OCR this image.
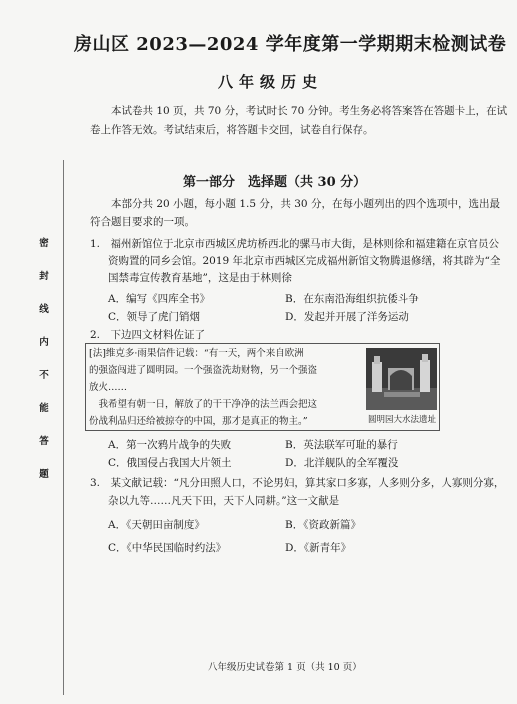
房山区 2023—2024 学年度第一学期期末检测试卷
八年级历史
本试卷共 10 页，共 70 分，考试时长 70 分钟。考生务必将答案答在答题卡上，在试
卷上作答无效。考试结束后，将答题卡交回，试卷自行保存。
第一部分　选择题（共 30 分）
本部分共 20 小题，每小题 1.5 分，共 30 分，在每小题列出的四个选项中，选出最
符合题目要求的一项。
密
封
线
内
不
能
答
题
1.　福州新馆位于北京市西城区虎坊桥西北的骡马市大街，是林则徐和福建籍在京官员公
资购置的同乡会馆。2019 年北京市西城区完成福州新馆文物腾退修缮，将其辟为“全
国禁毒宣传教育基地”，这是由于林则徐
A．编写《四库全书》	B．在东南沿海组织抗倭斗争
C．领导了虎门销烟	D．发起并开展了洋务运动
2.　下边四文材料佐证了
[法]维克多·雨果信件记载：“有一天，两个来自欧洲
的强盗闯进了圆明园。一个强盗洗劫财物，另一个强盗
放火……
　我希望有朝一日，解放了的干干净净的法兰西会把这
份战利品归还给被掠夺的中国，那才是真正的物主。”	圆明园大水法遗址
A．第一次鸦片战争的失败	B．英法联军可耻的暴行
C．俄国侵占我国大片领土	D．北洋舰队的全军覆没
3.　某文献记载：“凡分田照人口，不论男妇，算其家口多寡，人多则分多，人寡则分寡，
杂以九等……凡天下田，天下人同耕。”这一文献是
A．《天朝田亩制度》	B．《资政新篇》
C．《中华民国临时约法》	D．《新青年》
八年级历史试卷第 1 页（共 10 页）
